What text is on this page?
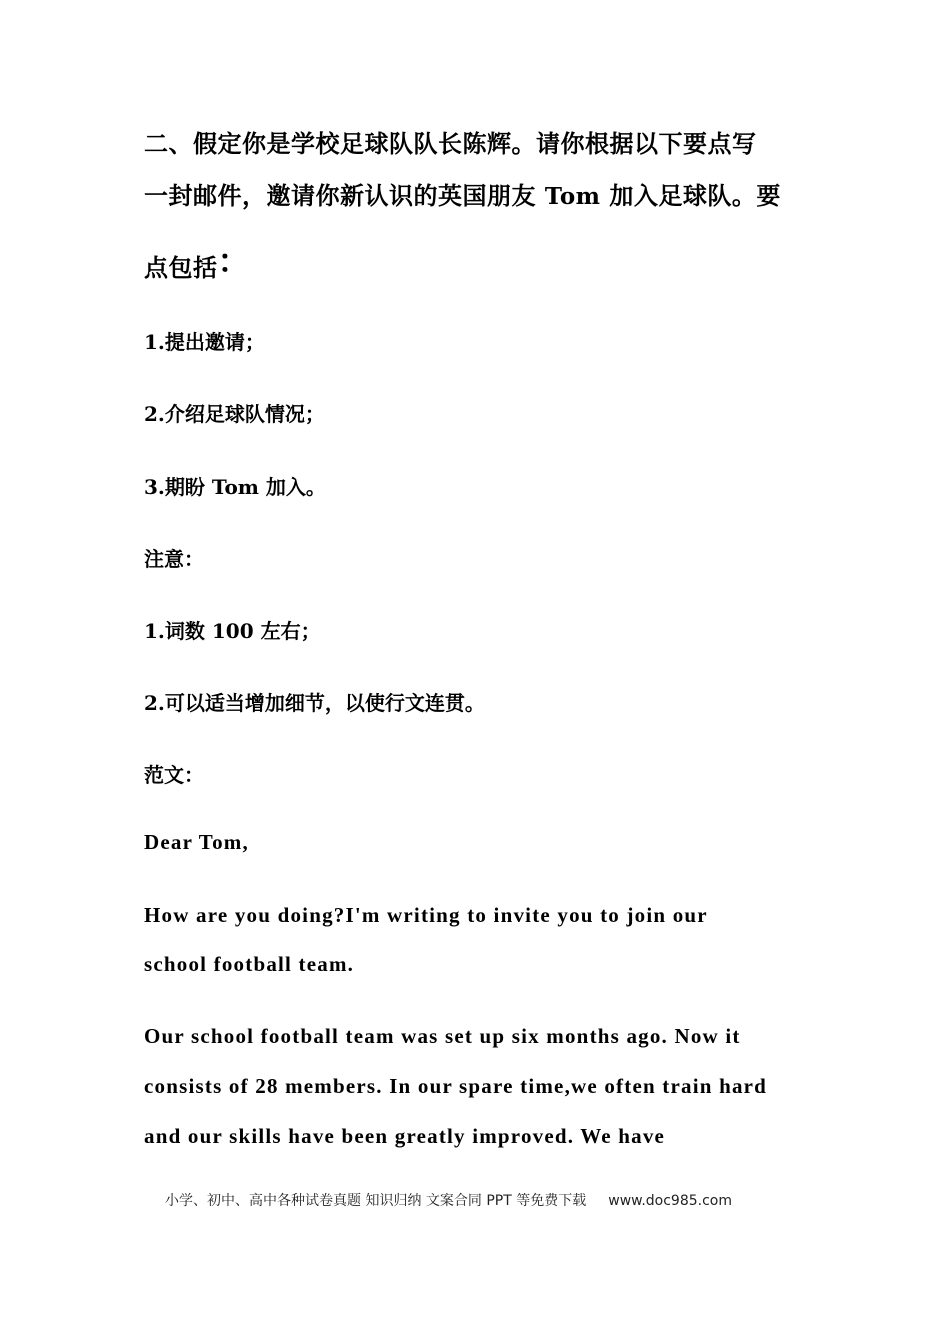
二、假定你是学校足球队队长陈辉。请你根据以下要点写
一封邮件，邀请你新认识的英国朋友 Tom 加入足球队。要
点包括：
1.提出邀请；
2.介绍足球队情况；
3.期盼 Tom 加入。
注意：
1.词数 100 左右；
2.可以适当增加细节，以使行文连贯。
范文：
Dear Tom,
How are you doing?I'm writing to invite you to join our
school football team.
Our school football team was set up six months ago. Now it
consists of 28 members. In our spare time,we often train hard
and our skills have been greatly improved. We have
小学、初中、高中各种试卷真题 知识归纳 文案合同 PPT 等免费下载 www.doc985.com
